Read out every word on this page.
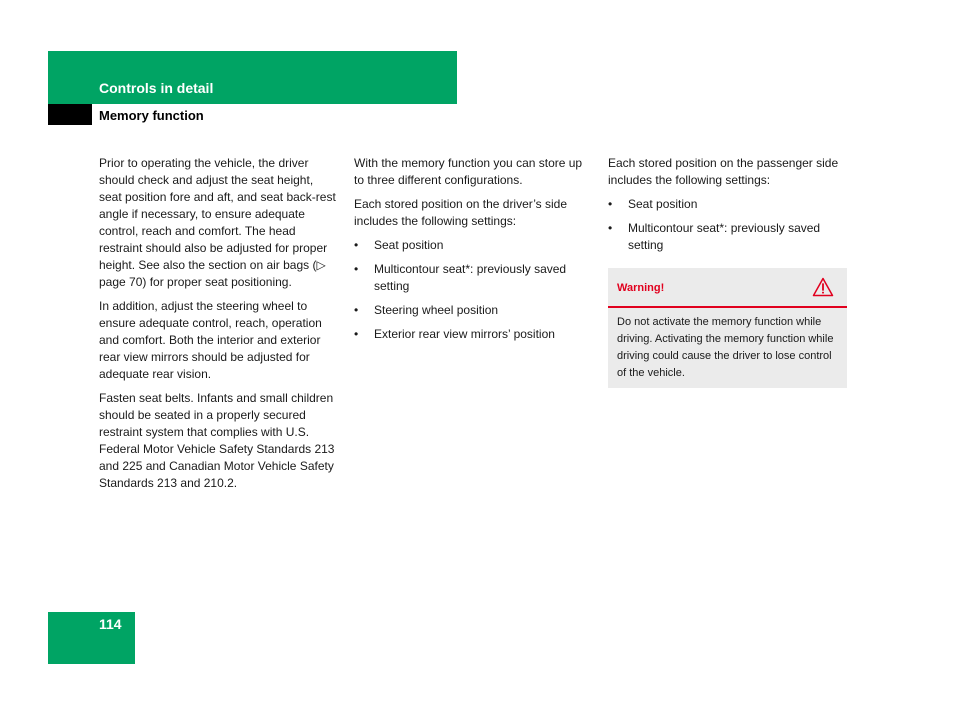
Controls in detail
Memory function

Prior to operating the vehicle, the driver should check and adjust the seat height, seat position fore and aft, and seat back-rest angle if necessary, to ensure adequate control, reach and comfort. The head restraint should also be adjusted for proper height. See also the section on air bags (▷ page 70) for proper seat positioning.

In addition, adjust the steering wheel to ensure adequate control, reach, operation and comfort. Both the interior and exterior rear view mirrors should be adjusted for adequate rear vision.

Fasten seat belts. Infants and small children should be seated in a properly secured restraint system that complies with U.S. Federal Motor Vehicle Safety Standards 213 and 225 and Canadian Motor Vehicle Safety Standards 213 and 210.2.

With the memory function you can store up to three different configurations.

Each stored position on the driver’s side includes the following settings:

• Seat position
• Multicontour seat*: previously saved setting
• Steering wheel position
• Exterior rear view mirrors’ position

Each stored position on the passenger side includes the following settings:

• Seat position
• Multicontour seat*: previously saved setting
Warning!
Do not activate the memory function while driving. Activating the memory function while driving could cause the driver to lose control of the vehicle.
114
